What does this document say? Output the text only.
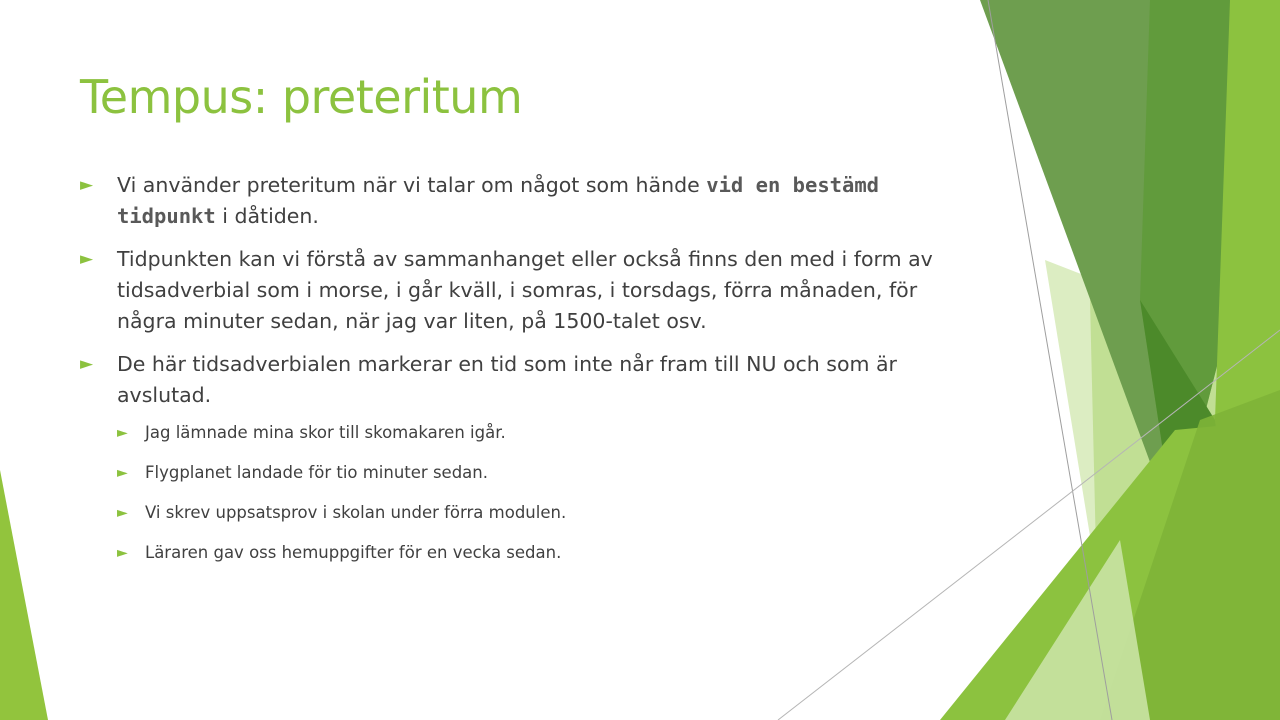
Tempus: preteritum
► Vi använder preteritum när vi talar om något som hände vid en bestämd tidpunkt i dåtiden.
► Tidpunkten kan vi förstå av sammanhanget eller också finns den med i form av tidsadverbial som i morse, i går kväll, i somras, i torsdags, förra månaden, för några minuter sedan, när jag var liten, på 1500-talet osv.
► De här tidsadverbialen markerar en tid som inte når fram till NU och som är avslutad.
► Jag lämnade mina skor till skomakaren igår.
► Flygplanet landade för tio minuter sedan.
► Vi skrev uppsatsprov i skolan under förra modulen.
► Läraren gav oss hemuppgifter för en vecka sedan.
